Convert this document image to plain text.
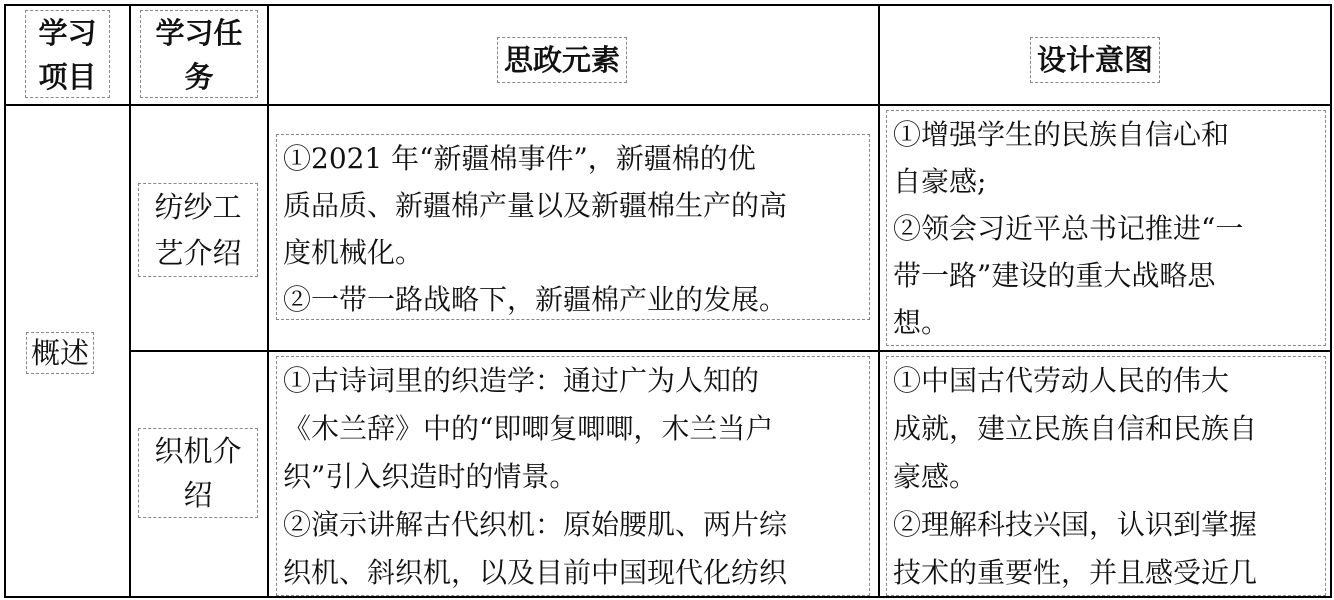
学习
项目
学习任
务	思政元素	设计意图
概述
纺纱工
艺介绍
①2021 年“新疆棉事件”，新疆棉的优
质品质、新疆棉产量以及新疆棉生产的高
度机械化。
②一带一路战略下，新疆棉产业的发展。
①增强学生的民族自信心和
自豪感;
②领会习近平总书记推进“一
带一路”建设的重大战略思
想。
织机介
绍
①古诗词里的织造学：通过广为人知的
《木兰辞》中的“即唧复唧唧，木兰当户
织”引入织造时的情景。
②演示讲解古代织机：原始腰肌、两片综
织机、斜织机，以及目前中国现代化纺织
①中国古代劳动人民的伟大
成就，建立民族自信和民族自
豪感。
②理解科技兴国，认识到掌握
技术的重要性，并且感受近几
